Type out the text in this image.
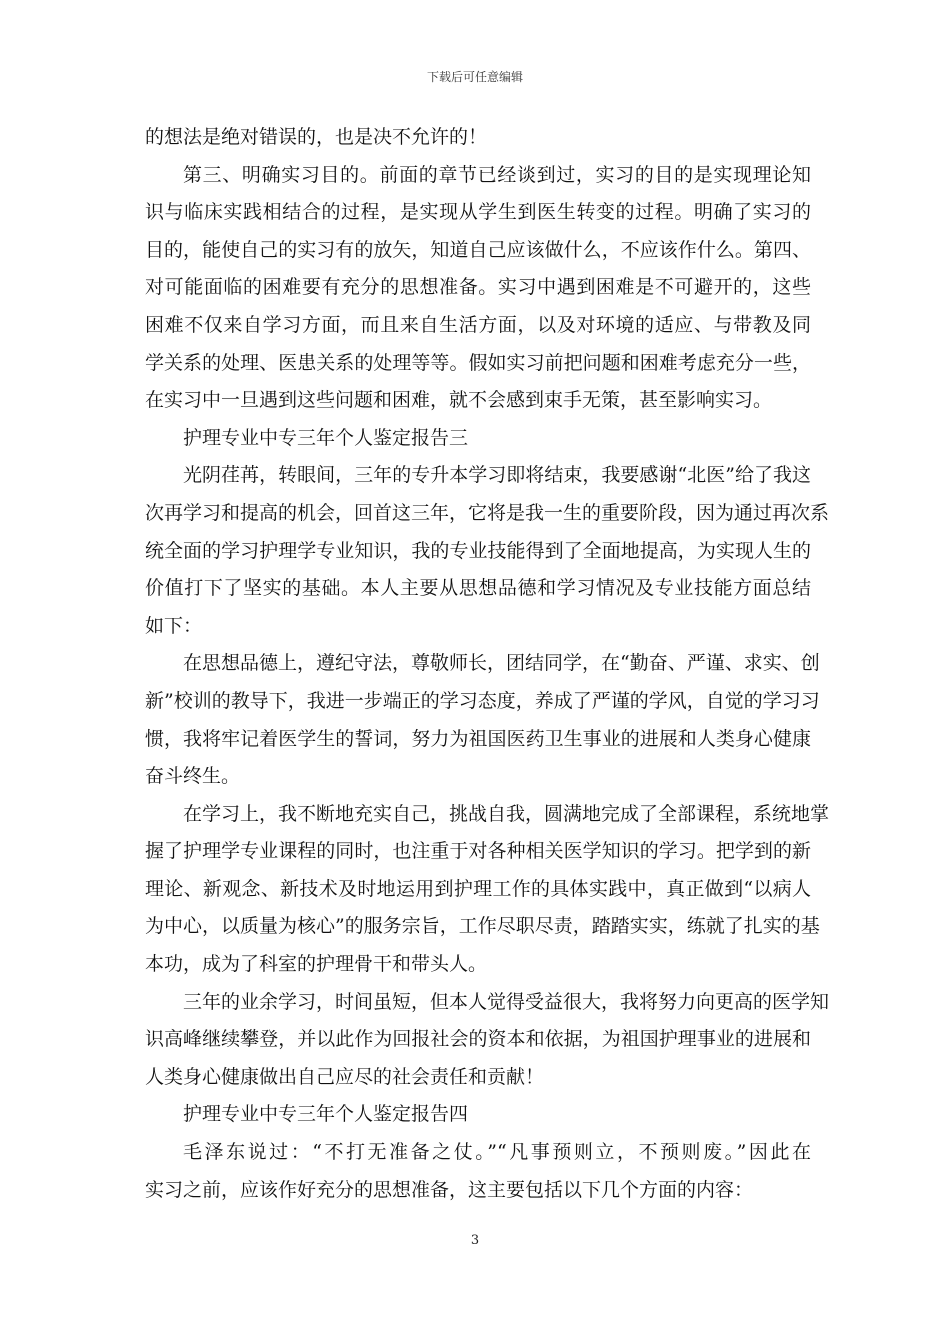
下载后可任意编辑
的想法是绝对错误的，也是决不允许的！
第三、明确实习目的。前面的章节已经谈到过，实习的目的是实现理论知
识与临床实践相结合的过程，是实现从学生到医生转变的过程。明确了实习的
目的，能使自己的实习有的放矢，知道自己应该做什么，不应该作什么。第四、
对可能面临的困难要有充分的思想准备。实习中遇到困难是不可避开的，这些
困难不仅来自学习方面，而且来自生活方面，以及对环境的适应、与带教及同
学关系的处理、医患关系的处理等等。假如实习前把问题和困难考虑充分一些，
在实习中一旦遇到这些问题和困难，就不会感到束手无策，甚至影响实习。
护理专业中专三年个人鉴定报告三
光阴荏苒，转眼间，三年的专升本学习即将结束，我要感谢“北医”给了我这
次再学习和提高的机会，回首这三年，它将是我一生的重要阶段，因为通过再次系
统全面的学习护理学专业知识，我的专业技能得到了全面地提高，为实现人生的
价值打下了坚实的基础。本人主要从思想品德和学习情况及专业技能方面总结
如下：
在思想品德上，遵纪守法，尊敬师长，团结同学，在“勤奋、严谨、求实、创
新”校训的教导下，我进一步端正的学习态度，养成了严谨的学风，自觉的学习习
惯，我将牢记着医学生的誓词，努力为祖国医药卫生事业的进展和人类身心健康
奋斗终生。
在学习上，我不断地充实自己，挑战自我，圆满地完成了全部课程，系统地掌
握了护理学专业课程的同时，也注重于对各种相关医学知识的学习。把学到的新
理论、新观念、新技术及时地运用到护理工作的具体实践中，真正做到“以病人
为中心，以质量为核心”的服务宗旨，工作尽职尽责，踏踏实实，练就了扎实的基
本功，成为了科室的护理骨干和带头人。
三年的业余学习，时间虽短，但本人觉得受益很大，我将努力向更高的医学知
识高峰继续攀登，并以此作为回报社会的资本和依据，为祖国护理事业的进展和
人类身心健康做出自己应尽的社会责任和贡献！
护理专业中专三年个人鉴定报告四
毛泽东说过：“不打无准备之仗。”“凡事预则立，不预则废。”因此在
实习之前，应该作好充分的思想准备，这主要包括以下几个方面的内容：
3
